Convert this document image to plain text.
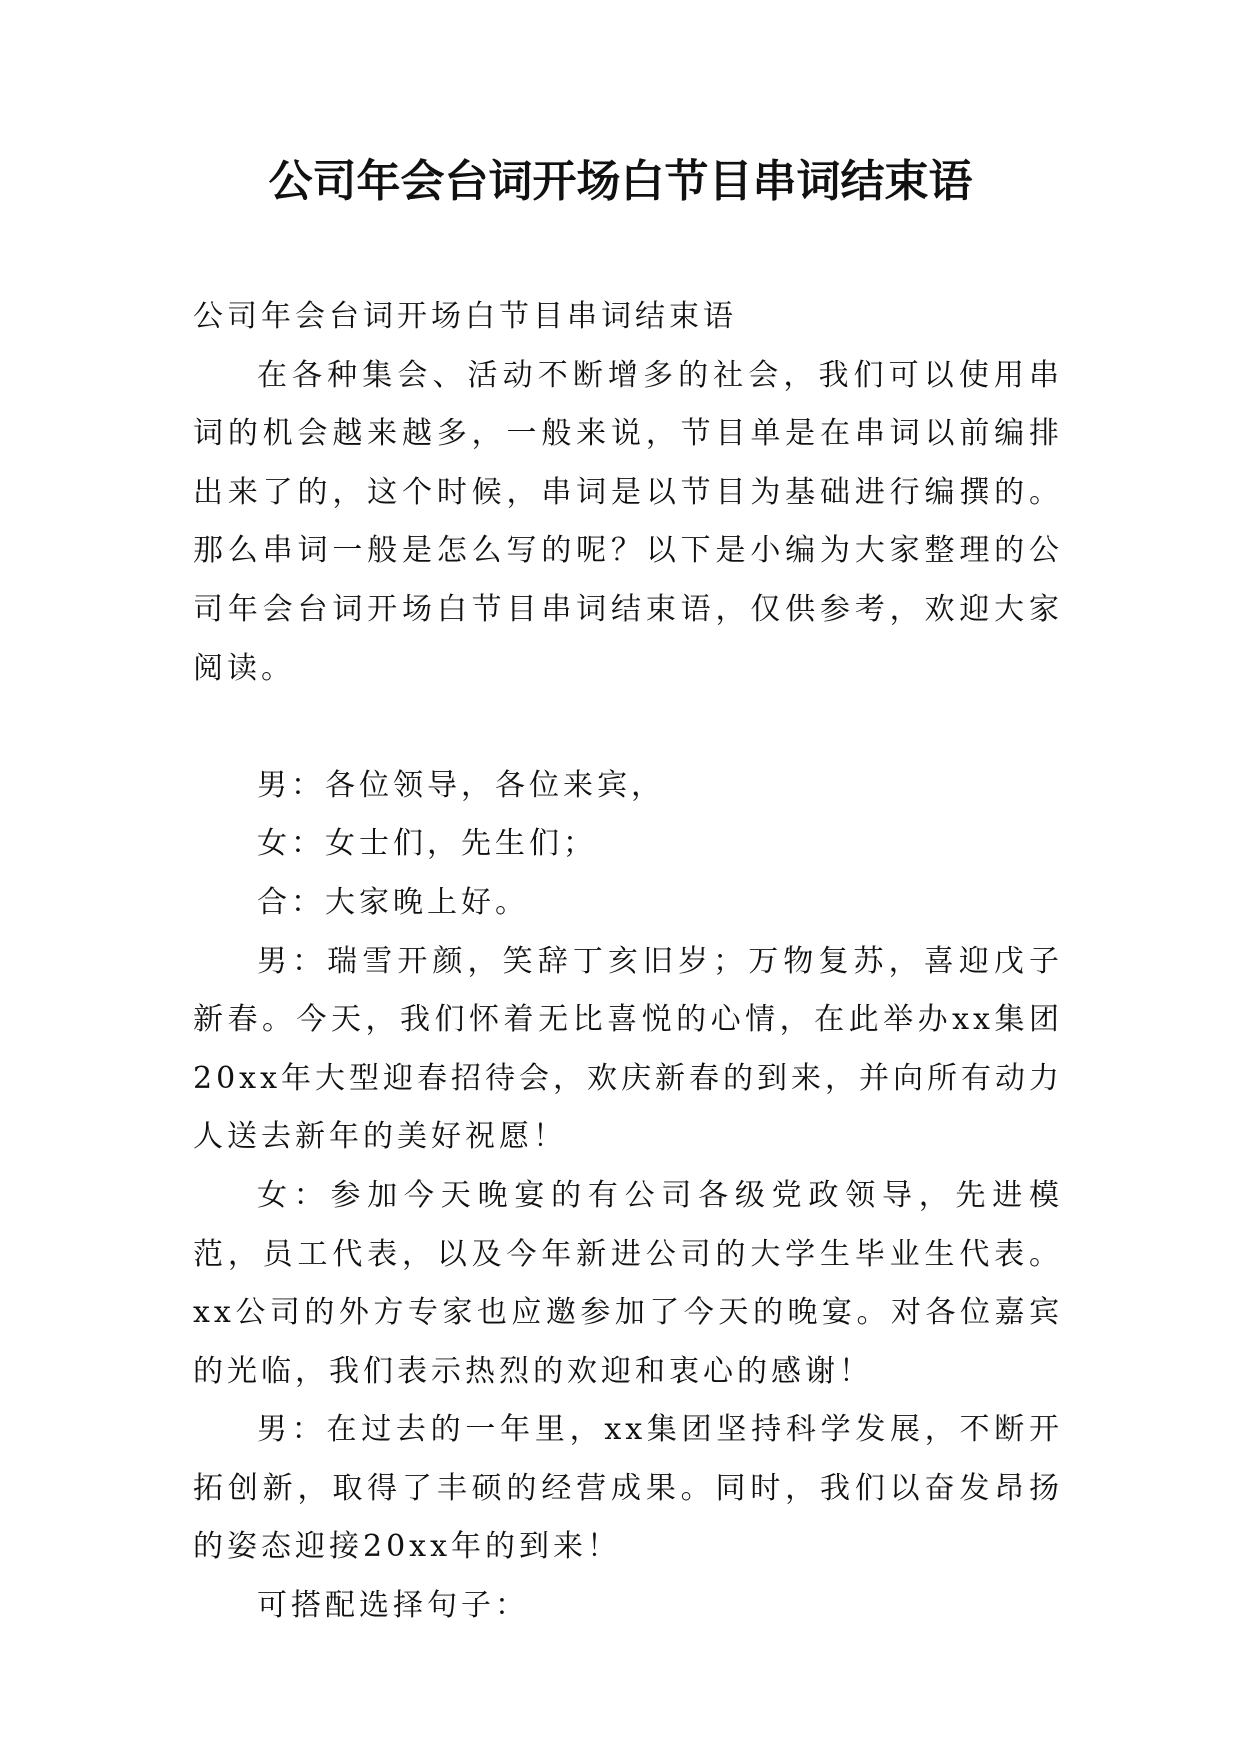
公司年会台词开场白节目串词结束语

公司年会台词开场白节目串词结束语

在各种集会、活动不断增多的社会，我们可以使用串词的机会越来越多，一般来说，节目单是在串词以前编排出来了的，这个时候，串词是以节目为基础进行编撰的。那么串词一般是怎么写的呢？以下是小编为大家整理的公司年会台词开场白节目串词结束语，仅供参考，欢迎大家阅读。

男：各位领导，各位来宾，

女：女士们，先生们；

合：大家晚上好。

男：瑞雪开颜，笑辞丁亥旧岁；万物复苏，喜迎戊子新春。今天，我们怀着无比喜悦的心情，在此举办xx集团20xx年大型迎春招待会，欢庆新春的到来，并向所有动力人送去新年的美好祝愿！

女：参加今天晚宴的有公司各级党政领导，先进模范，员工代表，以及今年新进公司的大学生毕业生代表。xx公司的外方专家也应邀参加了今天的晚宴。对各位嘉宾的光临，我们表示热烈的欢迎和衷心的感谢！

男：在过去的一年里，xx集团坚持科学发展，不断开拓创新，取得了丰硕的经营成果。同时，我们以奋发昂扬的姿态迎接20xx年的到来！

可搭配选择句子：
